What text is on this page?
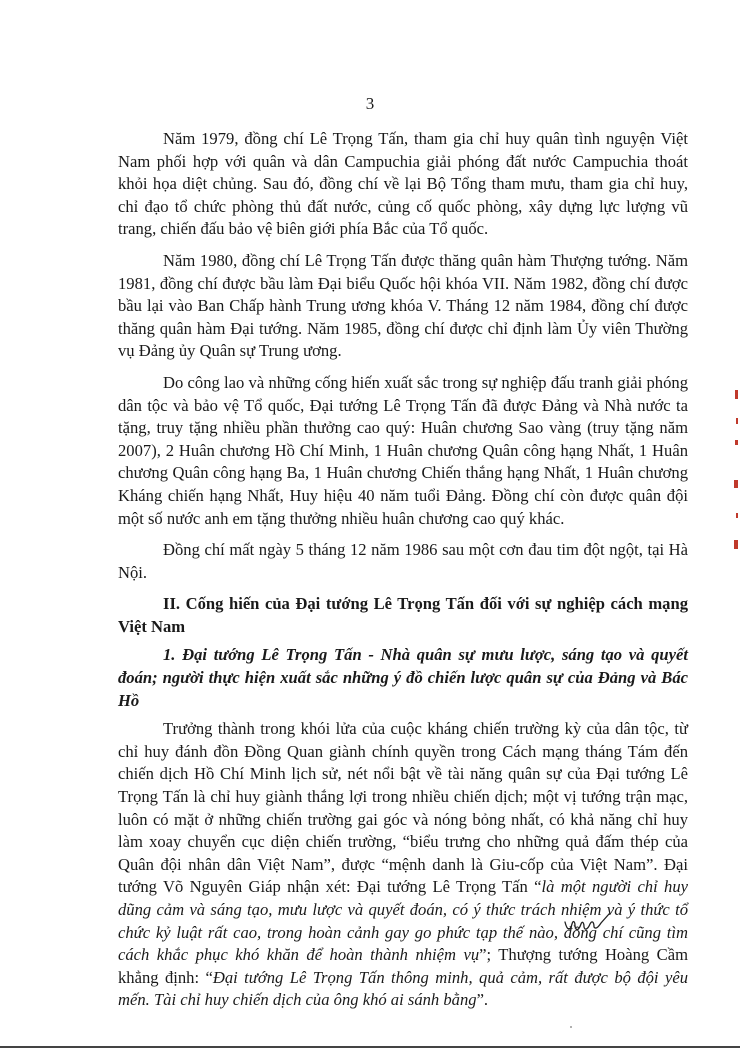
3

Năm 1979, đồng chí Lê Trọng Tấn, tham gia chỉ huy quân tình nguyện Việt Nam phối hợp với quân và dân Campuchia giải phóng đất nước Campuchia thoát khỏi họa diệt chủng. Sau đó, đồng chí về lại Bộ Tổng tham mưu, tham gia chỉ huy, chỉ đạo tổ chức phòng thủ đất nước, củng cố quốc phòng, xây dựng lực lượng vũ trang, chiến đấu bảo vệ biên giới phía Bắc của Tổ quốc.

Năm 1980, đồng chí Lê Trọng Tấn được thăng quân hàm Thượng tướng. Năm 1981, đồng chí được bầu làm Đại biểu Quốc hội khóa VII. Năm 1982, đồng chí được bầu lại vào Ban Chấp hành Trung ương khóa V. Tháng 12 năm 1984, đồng chí được thăng quân hàm Đại tướng. Năm 1985, đồng chí được chỉ định làm Ủy viên Thường vụ Đảng ủy Quân sự Trung ương.

Do công lao và những cống hiến xuất sắc trong sự nghiệp đấu tranh giải phóng dân tộc và bảo vệ Tổ quốc, Đại tướng Lê Trọng Tấn đã được Đảng và Nhà nước ta tặng, truy tặng nhiều phần thưởng cao quý: Huân chương Sao vàng (truy tặng năm 2007), 2 Huân chương Hồ Chí Minh, 1 Huân chương Quân công hạng Nhất, 1 Huân chương Quân công hạng Ba, 1 Huân chương Chiến thắng hạng Nhất, 1 Huân chương Kháng chiến hạng Nhất, Huy hiệu 40 năm tuổi Đảng. Đồng chí còn được quân đội một số nước anh em tặng thưởng nhiều huân chương cao quý khác.

Đồng chí mất ngày 5 tháng 12 năm 1986 sau một cơn đau tim đột ngột, tại Hà Nội.

II. Cống hiến của Đại tướng Lê Trọng Tấn đối với sự nghiệp cách mạng Việt Nam

1. Đại tướng Lê Trọng Tấn - Nhà quân sự mưu lược, sáng tạo và quyết đoán; người thực hiện xuất sắc những ý đồ chiến lược quân sự của Đảng và Bác Hồ

Trưởng thành trong khói lửa của cuộc kháng chiến trường kỳ của dân tộc, từ chỉ huy đánh đồn Đồng Quan giành chính quyền trong Cách mạng tháng Tám đến chiến dịch Hồ Chí Minh lịch sử, nét nổi bật về tài năng quân sự của Đại tướng Lê Trọng Tấn là chỉ huy giành thắng lợi trong nhiều chiến dịch; một vị tướng trận mạc, luôn có mặt ở những chiến trường gai góc và nóng bỏng nhất, có khả năng chỉ huy làm xoay chuyển cục diện chiến trường, “biểu trưng cho những quả đấm thép của Quân đội nhân dân Việt Nam”, được “mệnh danh là Giu-cốp của Việt Nam”. Đại tướng Võ Nguyên Giáp nhận xét: Đại tướng Lê Trọng Tấn “là một người chỉ huy dũng cảm và sáng tạo, mưu lược và quyết đoán, có ý thức trách nhiệm và ý thức tổ chức kỷ luật rất cao, trong hoàn cảnh gay go phức tạp thế nào, đồng chí cũng tìm cách khắc phục khó khăn để hoàn thành nhiệm vụ”; Thượng tướng Hoàng Cầm khẳng định: “Đại tướng Lê Trọng Tấn thông minh, quả cảm, rất được bộ đội yêu mến. Tài chỉ huy chiến dịch của ông khó ai sánh bằng”.
